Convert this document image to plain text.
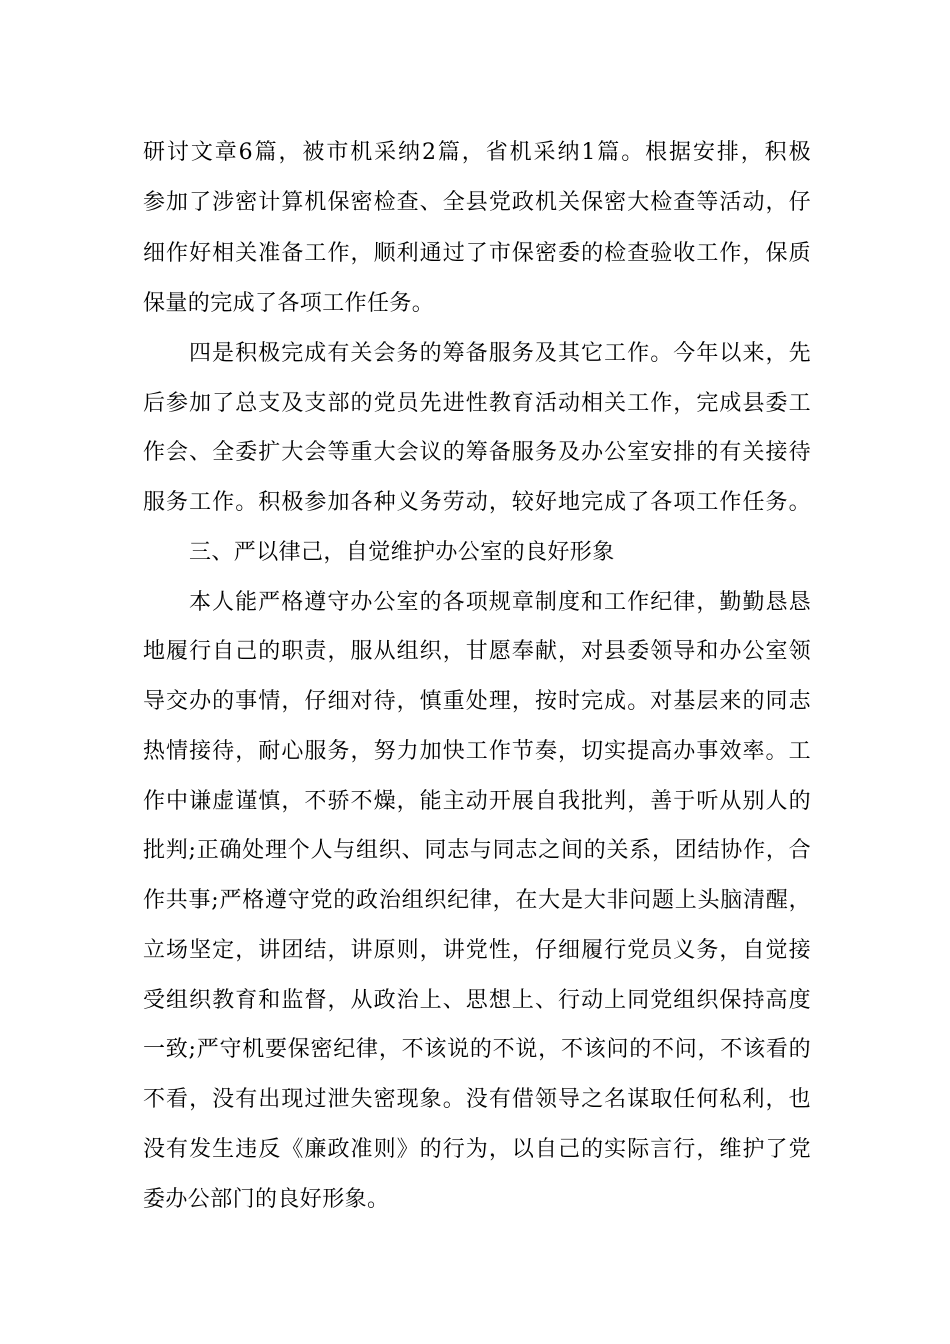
研讨文章6篇，被市机采纳2篇，省机采纳1篇。根据安排，积极
参加了涉密计算机保密检查、全县党政机关保密大检查等活动，仔
细作好相关准备工作，顺利通过了市保密委的检查验收工作，保质
保量的完成了各项工作任务。
四是积极完成有关会务的筹备服务及其它工作。今年以来，先
后参加了总支及支部的党员先进性教育活动相关工作，完成县委工
作会、全委扩大会等重大会议的筹备服务及办公室安排的有关接待
服务工作。积极参加各种义务劳动，较好地完成了各项工作任务。
三、严以律己，自觉维护办公室的良好形象
本人能严格遵守办公室的各项规章制度和工作纪律，勤勤恳恳
地履行自己的职责，服从组织，甘愿奉献，对县委领导和办公室领
导交办的事情，仔细对待，慎重处理，按时完成。对基层来的同志
热情接待，耐心服务，努力加快工作节奏，切实提高办事效率。工
作中谦虚谨慎，不骄不燥，能主动开展自我批判，善于听从别人的
批判;正确处理个人与组织、同志与同志之间的关系，团结协作，合
作共事;严格遵守党的政治组织纪律，在大是大非问题上头脑清醒，
立场坚定，讲团结，讲原则，讲党性，仔细履行党员义务，自觉接
受组织教育和监督，从政治上、思想上、行动上同党组织保持高度
一致;严守机要保密纪律，不该说的不说，不该问的不问，不该看的
不看，没有出现过泄失密现象。没有借领导之名谋取任何私利，也
没有发生违反《廉政准则》的行为，以自己的实际言行，维护了党
委办公部门的良好形象。
